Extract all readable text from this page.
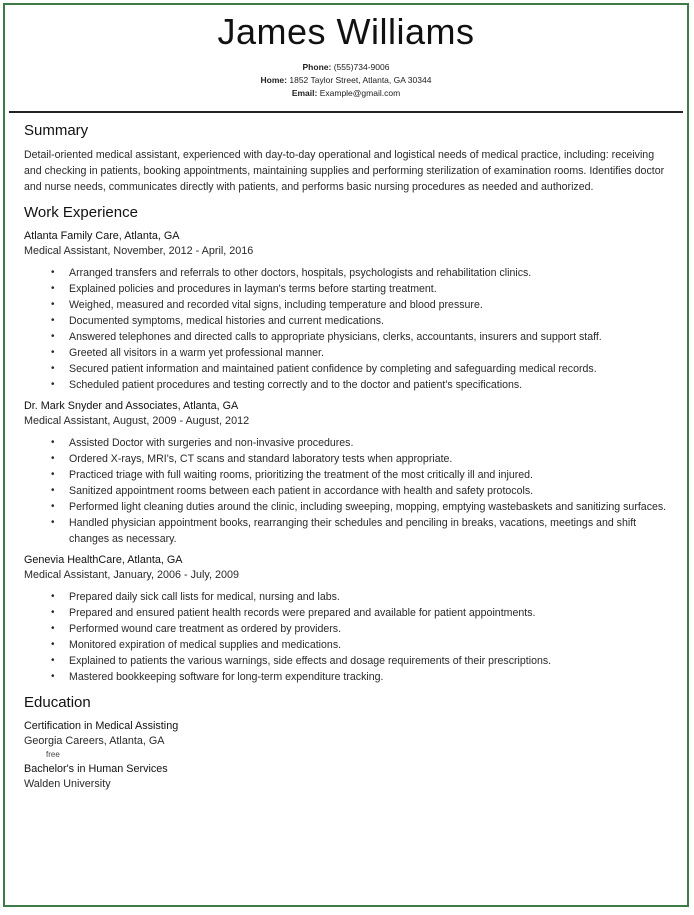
James Williams
Phone: (555)734-9006
Home: 1852 Taylor Street, Atlanta, GA 30344
Email: Example@gmail.com
Summary

Detail-oriented medical assistant, experienced with day-to-day operational and logistical needs of medical practice, including: receiving and checking in patients, booking appointments, maintaining supplies and performing sterilization of examination rooms. Identifies doctor and nurse needs, communicates directly with patients, and performs basic nursing procedures as needed and authorized.

Work Experience

Atlanta Family Care, Atlanta, GA

Medical Assistant, November, 2012 - April, 2016

• Arranged transfers and referrals to other doctors, hospitals, psychologists and rehabilitation clinics.
• Explained policies and procedures in layman's terms before starting treatment.
• Weighed, measured and recorded vital signs, including temperature and blood pressure.
• Documented symptoms, medical histories and current medications.
• Answered telephones and directed calls to appropriate physicians, clerks, accountants, insurers and support staff.
• Greeted all visitors in a warm yet professional manner.
• Secured patient information and maintained patient confidence by completing and safeguarding medical records.
• Scheduled patient procedures and testing correctly and to the doctor and patient's specifications.

Dr. Mark Snyder and Associates, Atlanta, GA

Medical Assistant, August, 2009 - August, 2012

• Assisted Doctor with surgeries and non-invasive procedures.
• Ordered X-rays, MRI's, CT scans and standard laboratory tests when appropriate.
• Practiced triage with full waiting rooms, prioritizing the treatment of the most critically ill and injured.
• Sanitized appointment rooms between each patient in accordance with health and safety protocols.
• Performed light cleaning duties around the clinic, including sweeping, mopping, emptying wastebaskets and sanitizing surfaces.
• Handled physician appointment books, rearranging their schedules and penciling in breaks, vacations, meetings and shift changes as necessary.

Genevia HealthCare, Atlanta, GA

Medical Assistant, January, 2006 - July, 2009

• Prepared daily sick call lists for medical, nursing and labs.
• Prepared and ensured patient health records were prepared and available for patient appointments.
• Performed wound care treatment as ordered by providers.
• Monitored expiration of medical supplies and medications.
• Explained to patients the various warnings, side effects and dosage requirements of their prescriptions.
• Mastered bookkeeping software for long-term expenditure tracking.
Education

Certification in Medical Assisting

Georgia Careers, Atlanta, GA

free

Bachelor's in Human Services

Walden University
